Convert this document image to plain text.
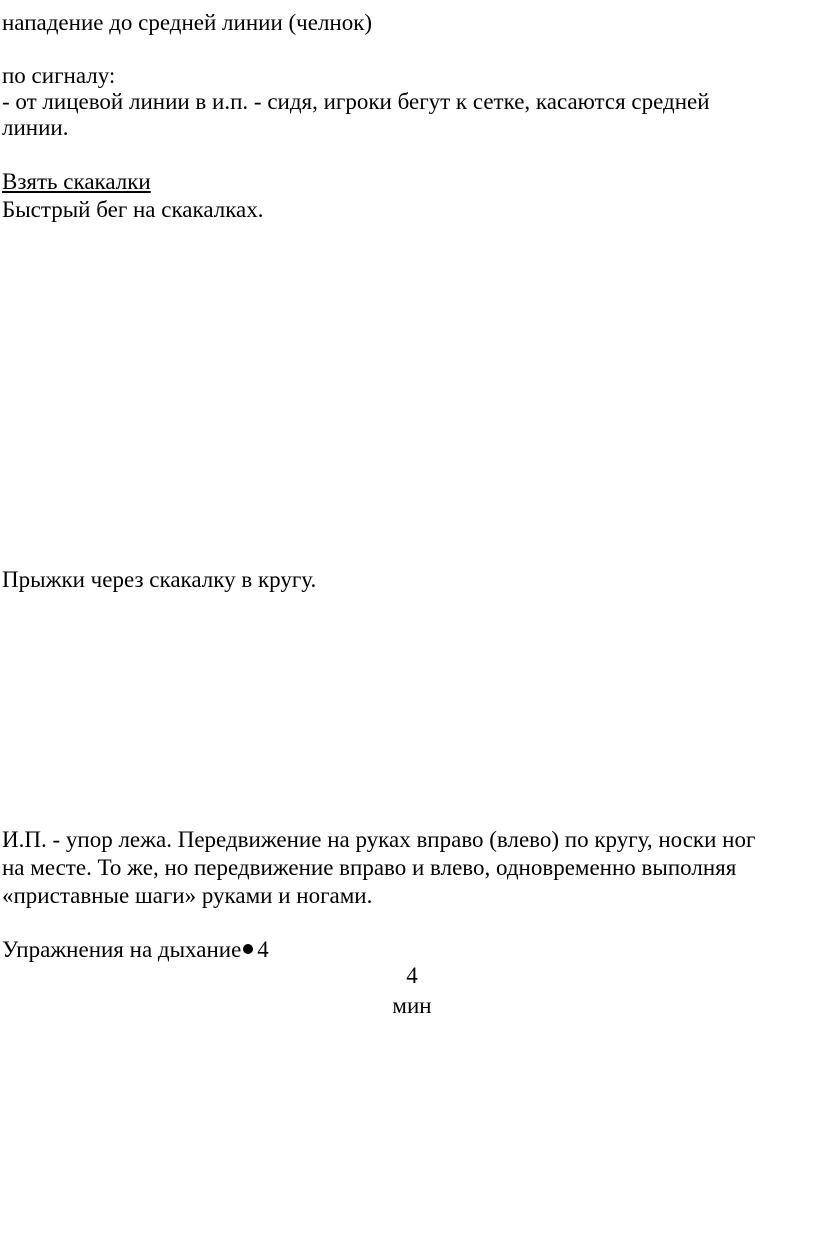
нападение до средней линии (челнок)
по сигналу:
- от лицевой линии в и.п. - сидя, игроки бегут к сетке, касаются средней
линии.
Взять скакалки
Быстрый бег на скакалках.
Прыжки через скакалку в кругу.
И.П. - упор лежа. Передвижение на руках вправо (влево) по кругу, носки ног
на месте. То же, но передвижение вправо и влево, одновременно выполняя
«приставные шаги» руками и ногами.
Упражнения на дыхание 4
4
мин
